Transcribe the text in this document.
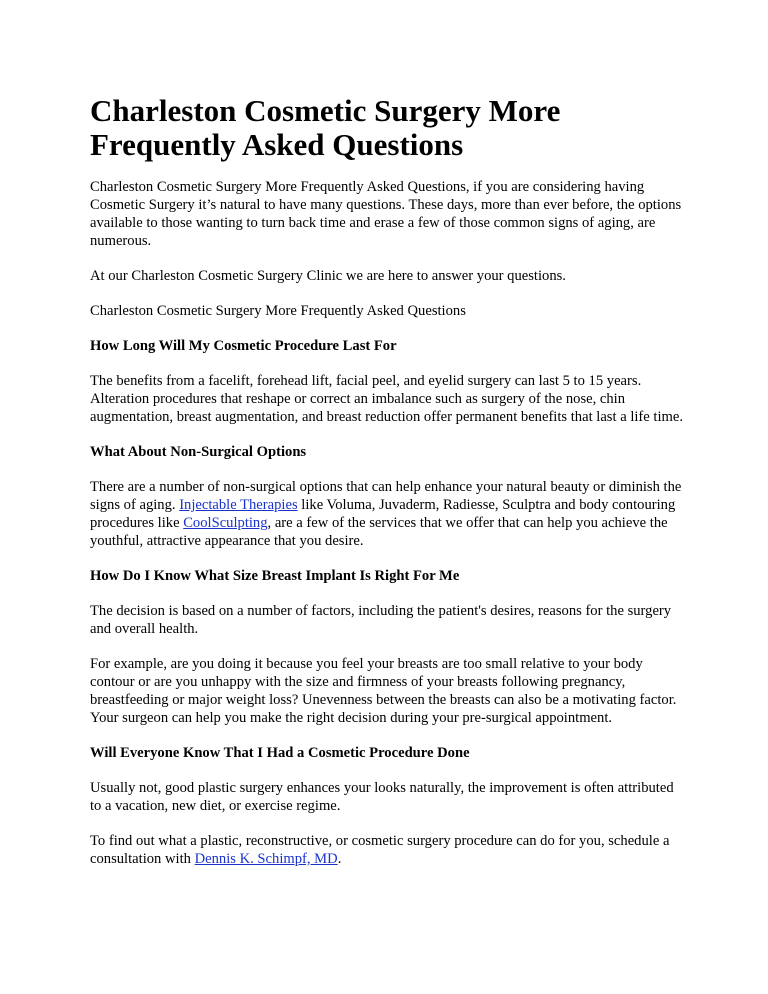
Charleston Cosmetic Surgery More Frequently Asked Questions

Charleston Cosmetic Surgery More Frequently Asked Questions, if you are considering having Cosmetic Surgery it’s natural to have many questions. These days, more than ever before, the options available to those wanting to turn back time and erase a few of those common signs of aging, are numerous.

At our Charleston Cosmetic Surgery Clinic we are here to answer your questions.

Charleston Cosmetic Surgery More Frequently Asked Questions

How Long Will My Cosmetic Procedure Last For

The benefits from a facelift, forehead lift, facial peel, and eyelid surgery can last 5 to 15 years. Alteration procedures that reshape or correct an imbalance such as surgery of the nose, chin augmentation, breast augmentation, and breast reduction offer permanent benefits that last a life time.

What About Non-Surgical Options

There are a number of non-surgical options that can help enhance your natural beauty or diminish the signs of aging. Injectable Therapies like Voluma, Juvaderm, Radiesse, Sculptra and body contouring procedures like CoolSculpting, are a few of the services that we offer that can help you achieve the youthful, attractive appearance that you desire.

How Do I Know What Size Breast Implant Is Right For Me

The decision is based on a number of factors, including the patient's desires, reasons for the surgery and overall health.

For example, are you doing it because you feel your breasts are too small relative to your body contour or are you unhappy with the size and firmness of your breasts following pregnancy, breastfeeding or major weight loss? Unevenness between the breasts can also be a motivating factor. Your surgeon can help you make the right decision during your pre-surgical appointment.

Will Everyone Know That I Had a Cosmetic Procedure Done

Usually not, good plastic surgery enhances your looks naturally, the improvement is often attributed to a vacation, new diet, or exercise regime.

To find out what a plastic, reconstructive, or cosmetic surgery procedure can do for you, schedule a consultation with Dennis K. Schimpf, MD.
